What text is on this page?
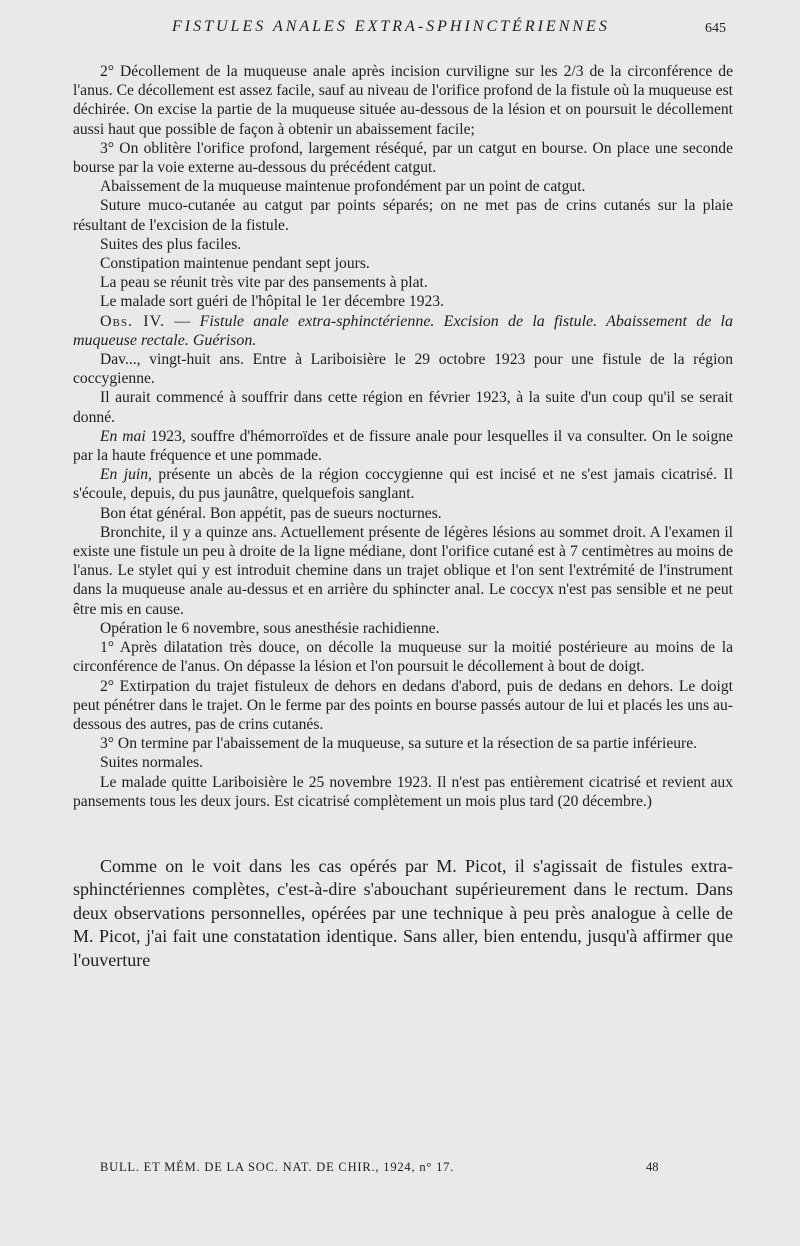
FISTULES ANALES EXTRA-SPHINCTÉRIENNES	645

2° Décollement de la muqueuse anale après incision curviligne sur les 2/3 de la circonférence de l'anus. Ce décollement est assez facile, sauf au niveau de l'orifice profond de la fistule où la muqueuse est déchirée. On excise la partie de la muqueuse située au-dessous de la lésion et on poursuit le décollement aussi haut que possible de façon à obtenir un abaissement facile;

3° On oblitère l'orifice profond, largement réséqué, par un catgut en bourse. On place une seconde bourse par la voie externe au-dessous du précédent catgut.

Abaissement de la muqueuse maintenue profondément par un point de catgut.

Suture muco-cutanée au catgut par points séparés; on ne met pas de crins cutanés sur la plaie résultant de l'excision de la fistule.

Suites des plus faciles.

Constipation maintenue pendant sept jours.

La peau se réunit très vite par des pansements à plat.

Le malade sort guéri de l'hôpital le 1er décembre 1923.

Obs. IV. — Fistule anale extra-sphinctérienne. Excision de la fistule. Abaissement de la muqueuse rectale. Guérison.

Dav..., vingt-huit ans. Entre à Lariboisière le 29 octobre 1923 pour une fistule de la région coccygienne.

Il aurait commencé à souffrir dans cette région en février 1923, à la suite d'un coup qu'il se serait donné.

En mai 1923, souffre d'hémorroïdes et de fissure anale pour lesquelles il va consulter. On le soigne par la haute fréquence et une pommade.

En juin, présente un abcès de la région coccygienne qui est incisé et ne s'est jamais cicatrisé. Il s'écoule, depuis, du pus jaunâtre, quelquefois sanglant.

Bon état général. Bon appétit, pas de sueurs nocturnes.

Bronchite, il y a quinze ans. Actuellement présente de légères lésions au sommet droit. A l'examen il existe une fistule un peu à droite de la ligne médiane, dont l'orifice cutané est à 7 centimètres au moins de l'anus. Le stylet qui y est introduit chemine dans un trajet oblique et l'on sent l'extrémité de l'instrument dans la muqueuse anale au-dessus et en arrière du sphincter anal. Le coccyx n'est pas sensible et ne peut être mis en cause.

Opération le 6 novembre, sous anesthésie rachidienne.

1° Après dilatation très douce, on décolle la muqueuse sur la moitié postérieure au moins de la circonférence de l'anus. On dépasse la lésion et l'on poursuit le décollement à bout de doigt.

2° Extirpation du trajet fistuleux de dehors en dedans d'abord, puis de dedans en dehors. Le doigt peut pénétrer dans le trajet. On le ferme par des points en bourse passés autour de lui et placés les uns au-dessous des autres, pas de crins cutanés.

3° On termine par l'abaissement de la muqueuse, sa suture et la résection de sa partie inférieure.

Suites normales.

Le malade quitte Lariboisière le 25 novembre 1923. Il n'est pas entièrement cicatrisé et revient aux pansements tous les deux jours. Est cicatrisé complètement un mois plus tard (20 décembre.)

Comme on le voit dans les cas opérés par M. Picot, il s'agissait de fistules extra-sphinctériennes complètes, c'est-à-dire s'abouchant supérieurement dans le rectum. Dans deux observations personnelles, opérées par une technique à peu près analogue à celle de M. Picot, j'ai fait une constatation identique. Sans aller, bien entendu, jusqu'à affirmer que l'ouverture

BULL. ET MÉM. DE LA SOC. NAT. DE CHIR., 1924, n° 17.	48
